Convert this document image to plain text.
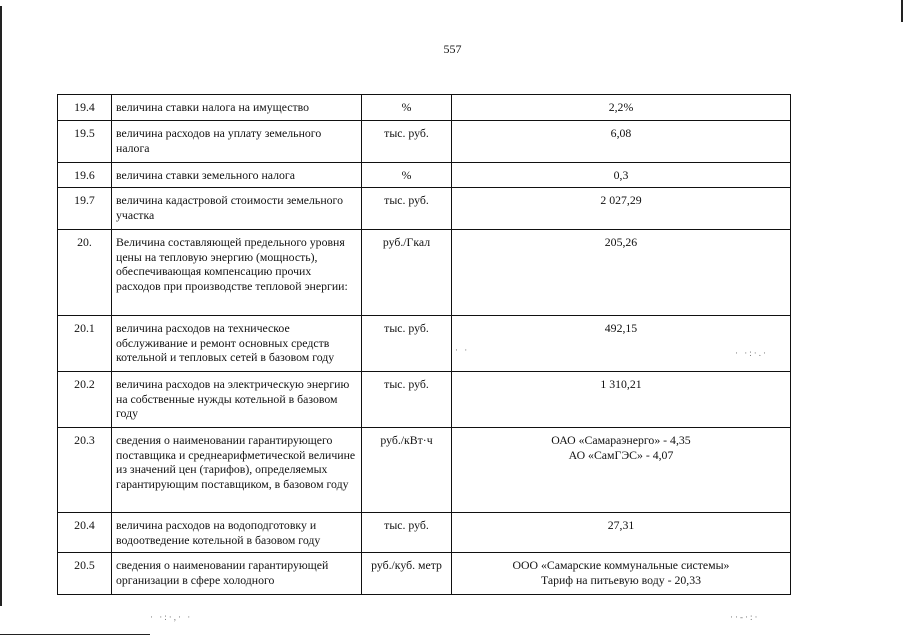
557
19.4	величина ставки налога на имущество	%	2,2%

19.5	величина расходов на уплату земельного налога	тыс. руб.	6,08

19.6	величина ставки земельного налога	%	0,3

19.7	величина кадастровой стоимости земельного участка	тыс. руб.	2 027,29

20.	Величина составляющей предельного уровня цены на тепловую энергию (мощность), обеспечивающая компенсацию прочих расходов при производстве тепловой энергии:	руб./Гкал	205,26

20.1	величина расходов на техническое обслуживание и ремонт основных средств котельной и тепловых сетей в базовом году	тыс. руб.	492,15

20.2	величина расходов на электрическую энергию на собственные нужды котельной в базовом году	тыс. руб.	1 310,21

20.3	сведения о наименовании гарантирующего поставщика и среднеарифметической величине из значений цен (тарифов), определяемых гарантирующим поставщиком, в базовом году	руб./кВт·ч	ОАО «Самараэнерго» - 4,35
АО «СамГЭС» - 4,07

20.4	величина расходов на водоподготовку и водоотведение котельной в базовом году	тыс. руб.	27,31

20.5	сведения о наименовании гарантирующей организации в сфере холодного	руб./куб. метр	ООО «Самарские коммунальные системы»
Тариф на питьевую воду - 20,33
· ·	· ·:·.·
· ·:·,· ·	··-·:·
